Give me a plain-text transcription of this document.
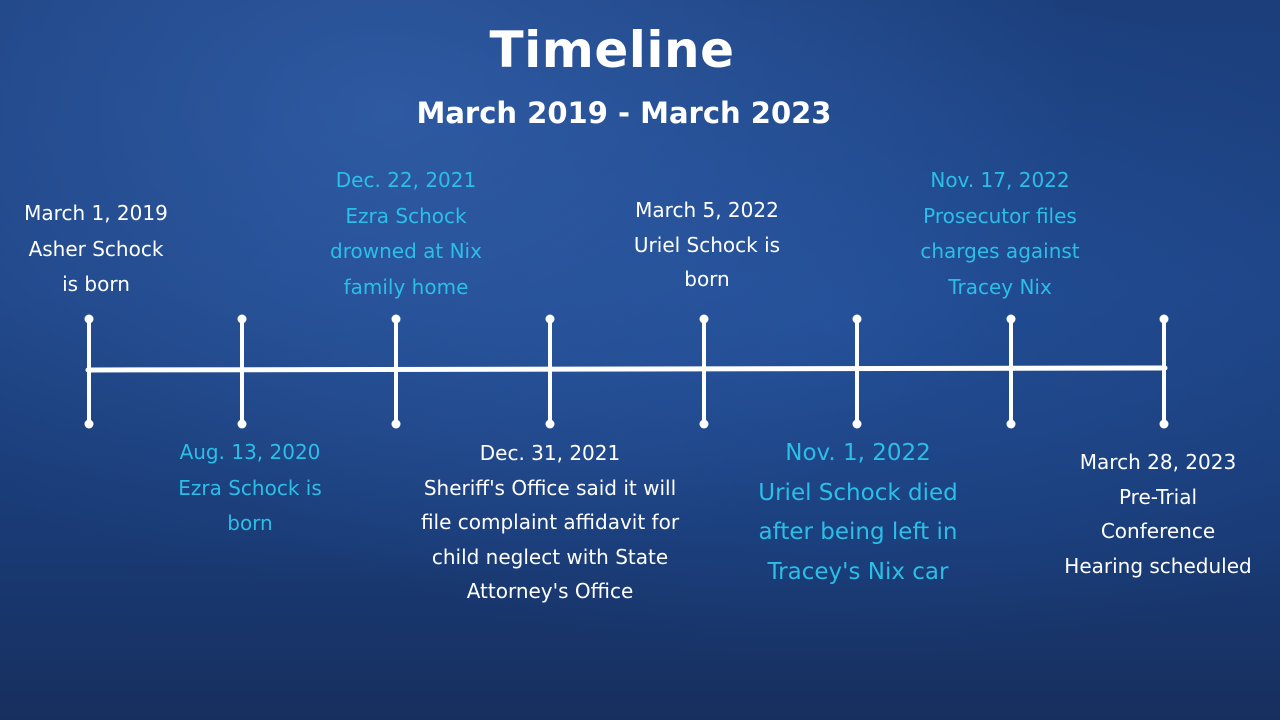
Timeline
March 2019 - March 2023
March 1, 2019
Asher Schock
is born
Aug. 13, 2020
Ezra Schock is
born
Dec. 22, 2021
Ezra Schock
drowned at Nix
family home
Dec. 31, 2021
Sheriff's Office said it will
file complaint affidavit for
child neglect with State
Attorney's Office
March 5, 2022
Uriel Schock is
born
Nov. 1, 2022
Uriel Schock died
after being left in
Tracey's Nix car
Nov. 17, 2022
Prosecutor files
charges against
Tracey Nix
March 28, 2023
Pre-Trial
Conference
Hearing scheduled
